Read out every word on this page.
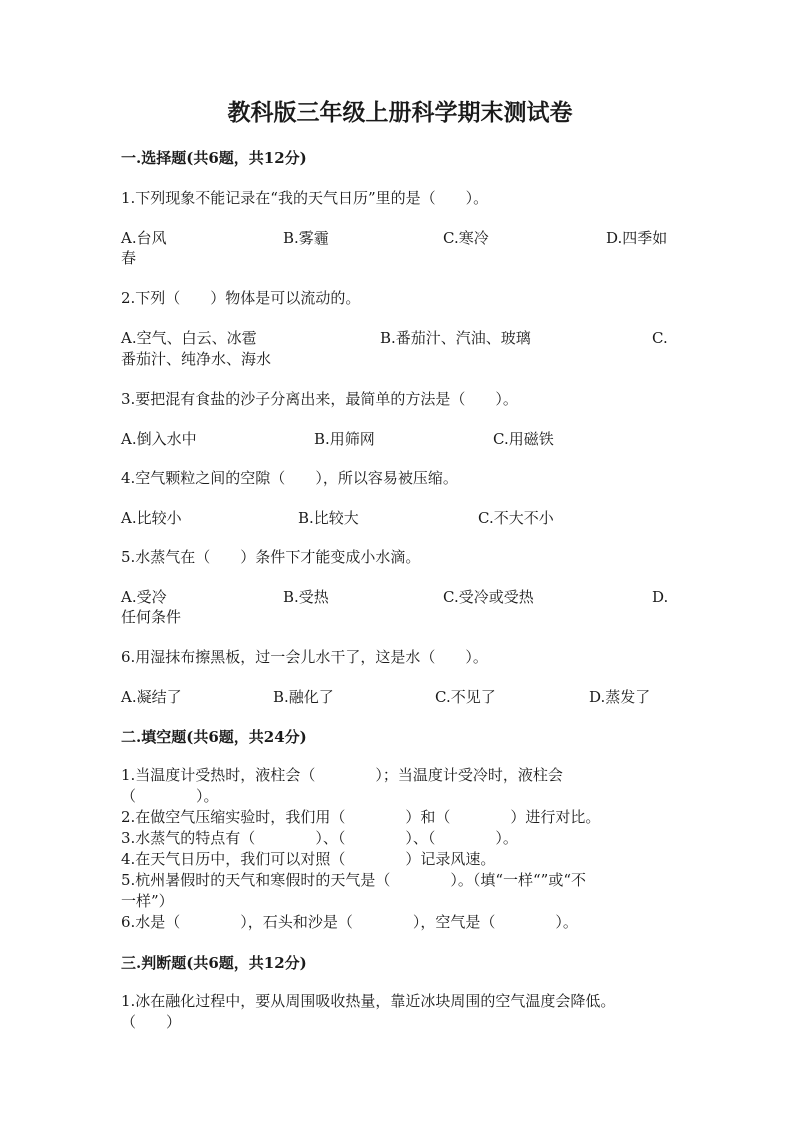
教科版三年级上册科学期末测试卷
一.选择题(共6题，共12分)
1.下列现象不能记录在“我的天气日历”里的是（　　）。
A.台风	B.雾霾	C.寒冷	D.四季如
春
2.下列（　　）物体是可以流动的。
A.空气、白云、冰雹	B.番茄汁、汽油、玻璃	C.
番茄汁、纯净水、海水
3.要把混有食盐的沙子分离出来，最简单的方法是（　　）。
A.倒入水中	B.用筛网	C.用磁铁
4.空气颗粒之间的空隙（　　），所以容易被压缩。
A.比较小	B.比较大	C.不大不小
5.水蒸气在（　　）条件下才能变成小水滴。
A.受冷	B.受热	C.受冷或受热	D.
任何条件
6.用湿抹布擦黑板，过一会儿水干了，这是水（　　）。
A.凝结了	B.融化了	C.不见了	D.蒸发了
二.填空题(共6题，共24分)
1.当温度计受热时，液柱会（　　　　）；当温度计受冷时，液柱会
（　　　　）。
2.在做空气压缩实验时，我们用（　　　　）和（　　　　）进行对比。
3.水蒸气的特点有（　　　　）、（　　　　）、（　　　　）。
4.在天气日历中，我们可以对照（　　　　）记录风速。
5.杭州暑假时的天气和寒假时的天气是（　　　　）。（填“一样“”或“不
一样”）
6.水是（　　　　），石头和沙是（　　　　），空气是（　　　　）。
三.判断题(共6题，共12分)
1.冰在融化过程中，要从周围吸收热量，靠近冰块周围的空气温度会降低。
（　　）
